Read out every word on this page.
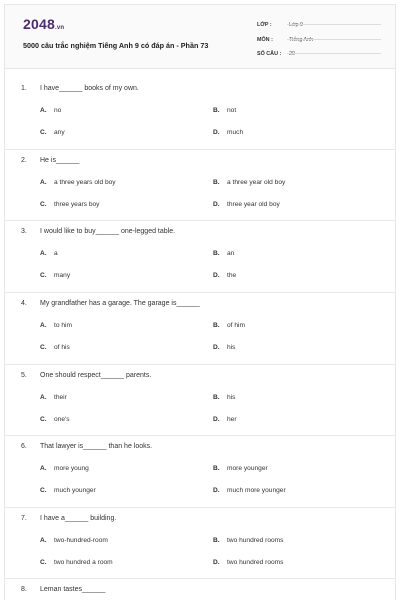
2048.vn
5000 câu trắc nghiệm Tiếng Anh 9 có đáp án - Phần 73
LỚP :	Lớp 9
MÔN :	Tiếng Anh
SỐ CÂU : 20
1. I have______ books of my own.
A. no	B. not
C. any	D. much
2. He is______
A. a three years old boy	B. a three year old boy
C. three years boy	D. three year old boy
3. I would like to buy______ one-legged table.
A. a	B. an
C. many	D. the
4. My grandfather has a garage. The garage is______
A. to him	B. of him
C. of his	D. his
5. One should respect______ parents.
A. their	B. his
C. one's	D. her
6. That lawyer is______ than he looks.
A. more young	B. more younger
C. much younger	D. much more younger
7. I have a______ building.
A. two-hundred-room	B. two hundred rooms
C. two hundred a room	D. two hundred rooms
8. Leman tastes______
